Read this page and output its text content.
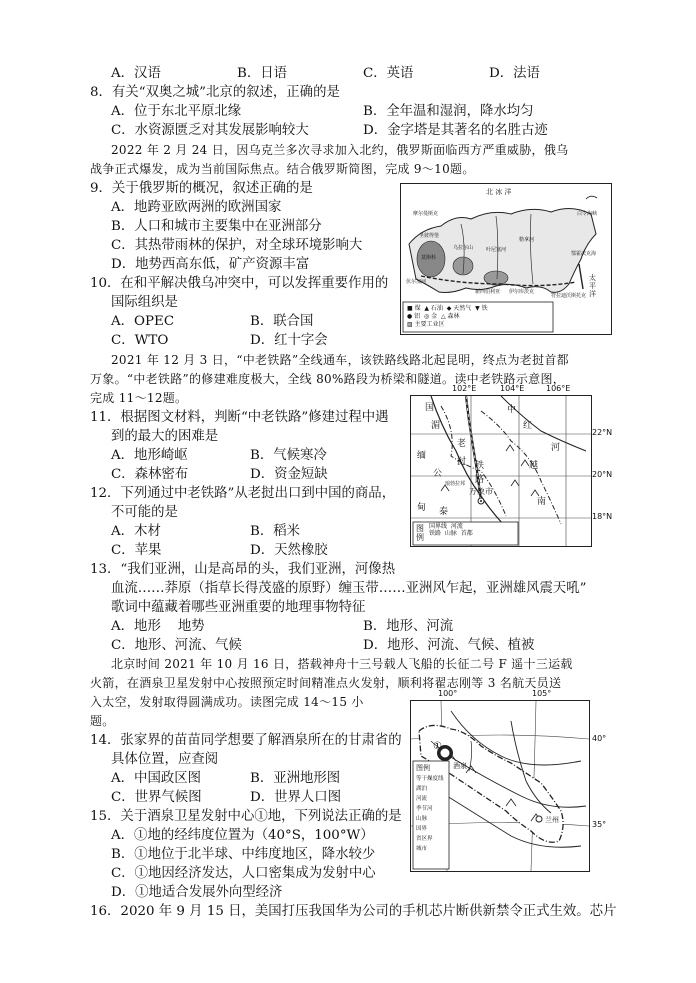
A．汉语	B．日语	C．英语	D．法语
8．有关“双奥之城”北京的叙述，正确的是
A．位于东北平原北缘	B．全年温和湿润，降水均匀
C．水资源匮乏对其发展影响较大	D．金字塔是其著名的名胜古迹
2022 年 2 月 24 日，因乌克兰多次寻求加入北约，俄罗斯面临西方严重威胁，俄乌
战争正式爆发，成为当前国际焦点。结合俄罗斯简图，完成 9～10题。
9．关于俄罗斯的概况，叙述正确的是
A．地跨亚欧两洲的欧洲国家
B．人口和城市主要集中在亚洲部分
C．其热带雨林的保护，对全球环境影响大
D．地势西高东低，矿产资源丰富
10．在和平解决俄乌冲突中，可以发挥重要作用的
国际组织是
A．OPEC	B．联合国
C．WTO	D．红十字会
北 冰 洋
太 平 洋
摩尔曼斯克
圣彼得堡
莫斯科
伏尔加河
乌拉尔山	叶尼塞河
勒拿河
白令海峡
鄂霍次克海
符拉迪沃斯托克
伊尔库茨克
新西伯利亚
■ 煤 ▲ 石油 ◆ 天然气 ▼ 铁
● 铝 ◎ 金 △ 森林
▨ 主要工业区
2021 年 12 月 3 日，“中老铁路”全线通车，该铁路线路北起昆明，终点为老挝首都
万象。“中老铁路”的修建难度极大，全线 80%路段为桥梁和隧道。读中老铁路示意图，
完成 11～12题。
11．根据图文材料，判断“中老铁路”修建过程中遇
到的最大的困难是
A．地形崎岖	B．气候寒冷
C．森林密布	D．资金短缺
12．下列通过中老铁路”从老挝出口到中国的商品，
不可能的是
A．木材	B．稻米
C．苹果	D．天然橡胶
102°E	104°E	106°E
国	中
缅
老
越
甸 泰
南
红
河
公
挝 铁
路
万象市
湄
琅勃拉邦
图例
国界线 河流
铁路 山脉 首都
22°N
20°N
18°N
13．“我们亚洲，山是高昂的头，我们亚洲，河像热
血流……莽原（指草长得茂盛的原野）缠玉带……亚洲风乍起，亚洲雄风震天吼”
歌词中蕴藏着哪些亚洲重要的地理事物特征
A．地形    地势	B．地形、河流
C．地形、河流、气候	D．地形、河流、气候、植被
北京时间 2021 年 10 月 16 日，搭载神舟十三号载人飞船的长征二号 F 遥十三运载
火箭，在酒泉卫星发射中心按照预定时间精准点火发射，顺利将翟志刚等 3 名航天员送
入太空，发射取得圆满成功。读图完成 14～15 小
题。
14．张家界的苗苗同学想要了解酒泉所在的甘肃省的
具体位置，应查阅
A．中国政区图	B．亚洲地形图
C．世界气候图	D．世界人口图
15．关于酒泉卫星发射中心①地，下列说法正确的是
A．①地的经纬度位置为（40°S，100°W）
B．①地位于北半球、中纬度地区，降水较少
C．①地因经济发达，人口密集成为发射中心
D．①地适合发展外向型经济
100°	105°
①
酒泉
兰州
图例
等干燥度线
湖泊
河流
季节河
山脉
国界
省区界
城市
40°
35°
16．2020 年 9 月 15 日，美国打压我国华为公司的手机芯片断供新禁令正式生效。芯片
